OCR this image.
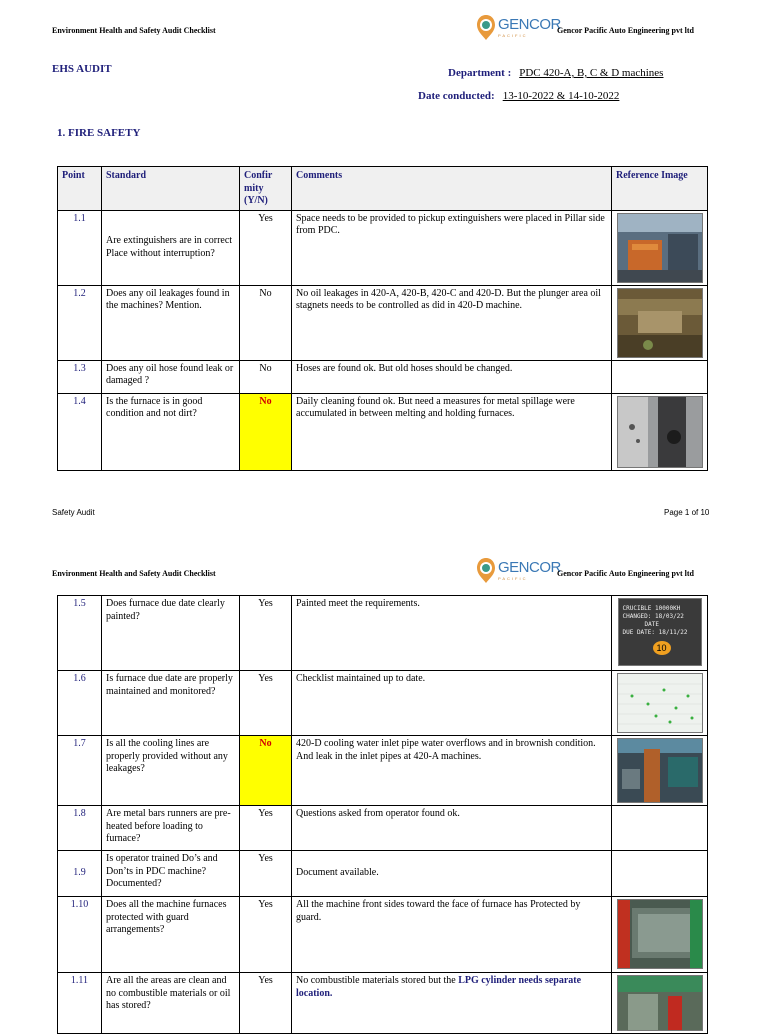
Environment Health and Safety Audit Checklist	GENCOR
PACIFIC
Gencor Pacific Auto Engineering pvt ltd
EHS AUDIT	Department : PDC 420-A, B, C & D machines
Date conducted: 13-10-2022 & 14-10-2022
1. FIRE SAFETY
Point	Standard	Confir mity (Y/N)	Comments	Reference Image
1.1	Are extinguishers are in correct Place without interruption?	Yes	Space needs to be provided to pickup extinguishers were placed in Pillar side from PDC.	

1.2	Does any oil leakages found in the machines? Mention.	No	No oil leakages in 420-A, 420-B, 420-C and 420-D. But the plunger area oil stagnets needs to be controlled as did in 420-D machine.	

1.3	Does any oil hose found leak or damaged ?	No	Hoses are found ok. But old hoses should be changed.	
1.4	Is the furnace is in good condition and not dirt?	No	Daily cleaning found ok. But need a measures for metal spillage were accumulated in between melting and holding furnaces.	
Safety Audit	Page 1 of 10
Environment Health and Safety Audit Checklist	GENCOR
PACIFIC
Gencor Pacific Auto Engineering pvt ltd
1.5	Does furnace due date clearly painted?	Yes	Painted meet the requirements.	CRUCIBLE 10000KH
CHANGED: 18/03/22
DATE
DUE DATE: 18/11/22
10

1.6	Is furnace due date are properly maintained and monitored?	Yes	Checklist maintained up to date.	

1.7	Is all the cooling lines are properly provided without any leakages?	No	420-D cooling water inlet pipe water overflows and in brownish condition. And leak in the inlet pipes at 420-A machines.	

1.8	Are metal bars runners are pre-heated before loading to furnace?	Yes	Questions asked from operator found ok.	
1.9	Is operator trained Do’s and Don’ts in PDC machine? Documented?	Yes	Document available.	
1.10	Does all the machine furnaces protected with guard arrangements?	Yes	All the machine front sides toward the face of furnace has Protected by guard.	

1.11	Are all the areas are clean and no combustible materials or oil has stored?	Yes	No combustible materials stored but the LPG cylinder needs separate location.	
